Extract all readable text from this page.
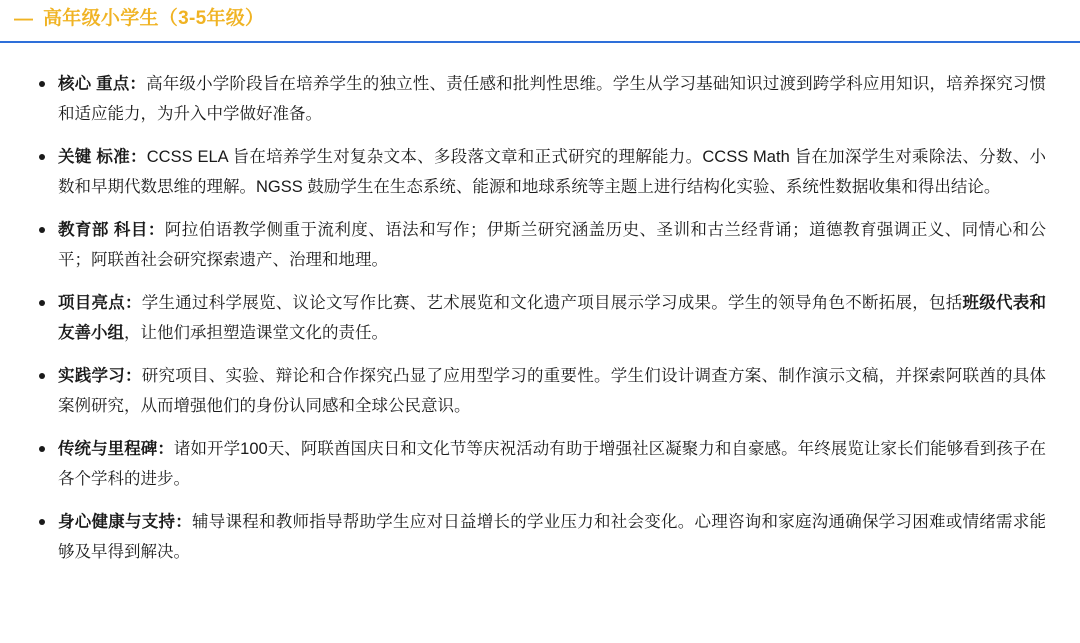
— 高年级小学生（3-5年级）
核心 重点：高年级小学阶段旨在培养学生的独立性、责任感和批判性思维。学生从学习基础知识过渡到跨学科应用知识，培养探究习惯和适应能力，为升入中学做好准备。
关键 标准：CCSS ELA 旨在培养学生对复杂文本、多段落文章和正式研究的理解能力。CCSS Math 旨在加深学生对乘除法、分数、小数和早期代数思维的理解。NGSS 鼓励学生在生态系统、能源和地球系统等主题上进行结构化实验、系统性数据收集和得出结论。
教育部 科目：阿拉伯语教学侧重于流利度、语法和写作；伊斯兰研究涵盖历史、圣训和古兰经背诵；道德教育强调正义、同情心和公平；阿联酋社会研究探索遗产、治理和地理。
项目亮点：学生通过科学展览、议论文写作比赛、艺术展览和文化遗产项目展示学习成果。学生的领导角色不断拓展，包括班级代表和友善小组，让他们承担塑造课堂文化的责任。
实践学习：研究项目、实验、辩论和合作探究凸显了应用型学习的重要性。学生们设计调查方案、制作演示文稿，并探索阿联酋的具体案例研究，从而增强他们的身份认同感和全球公民意识。
传统与里程碑：诸如开学100天、阿联酋国庆日和文化节等庆祝活动有助于增强社区凝聚力和自豪感。年终展览让家长们能够看到孩子在各个学科的进步。
身心健康与支持：辅导课程和教师指导帮助学生应对日益增长的学业压力和社会变化。心理咨询和家庭沟通确保学习困难或情绪需求能够及早得到解决。
